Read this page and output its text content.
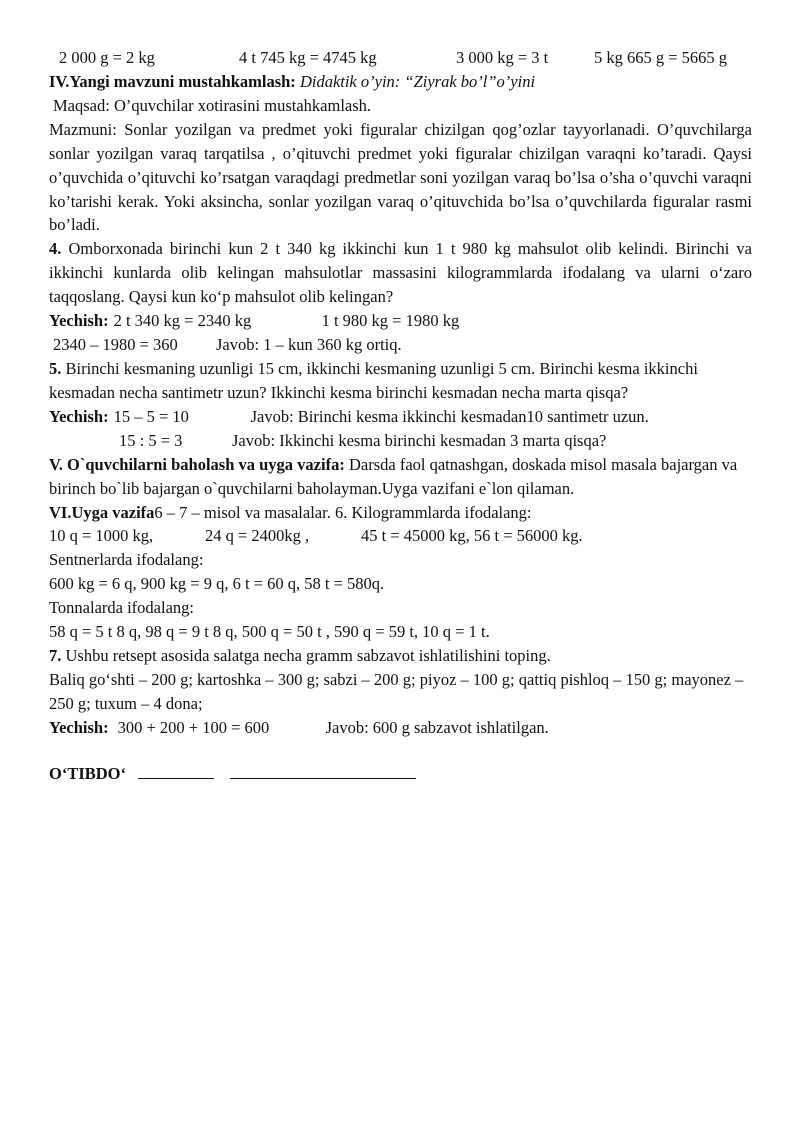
2 000 g = 2 kg	4 t 745 kg = 4745 kg	3 000 kg = 3 t	5 kg 665 g = 5665 g

IV.Yangi mavzuni mustahkamlash: Didaktik o’yin: “Ziyrak bo’l”o’yini

Maqsad: O’quvchilar xotirasini mustahkamlash.

Mazmuni: Sonlar yozilgan va predmet yoki figuralar chizilgan qog’ozlar tayyorlanadi. O’quvchilarga sonlar yozilgan varaq tarqatilsa , o’qituvchi predmet yoki figuralar chizilgan varaqni ko’taradi. Qaysi o’quvchida o’qituvchi ko’rsatgan varaqdagi predmetlar soni yozilgan varaq bo’lsa o’sha o’quvchi varaqni ko’tarishi kerak. Yoki aksincha, sonlar yozilgan varaq o’qituvchida bo’lsa o’quvchilarda figuralar rasmi bo’ladi.

4. Omborxonada birinchi kun 2 t 340 kg ikkinchi kun 1 t 980 kg mahsulot olib kelindi. Birinchi va ikkinchi kunlarda olib kelingan mahsulotlar massasini kilogrammlarda ifodalang va ularni o‘zaro taqqoslang. Qaysi kun ko‘p mahsulot olib kelingan?

Yechish: 2 t 340 kg = 2340 kg	1 t 980 kg = 1980 kg
2340 – 1980 = 360	Javob: 1 – kun 360 kg ortiq.

5. Birinchi kesmaning uzunligi 15 cm, ikkinchi kesmaning uzunligi 5 cm. Birinchi kesma ikkinchi kesmadan necha santimetr uzun? Ikkinchi kesma birinchi kesmadan necha marta qisqa?

Yechish: 15 – 5 = 10	Javob: Birinchi kesma ikkinchi kesmadan10 santimetr uzun.
15 : 5 = 3	Javob: Ikkinchi kesma birinchi kesmadan 3 marta qisqa?

V. O`quvchilarni baholash va uyga vazifa: Darsda faol qatnashgan, doskada misol masala bajargan va birinch bo`lib bajargan o`quvchilarni baholayman.Uyga vazifani e`lon qilaman.

VI.Uyga vazifa6 – 7 – misol va masalalar. 6. Kilogrammlarda ifodalang:

10 q = 1000 kg,	24 q = 2400kg ,	45 t = 45000 kg, 56 t = 56000 kg.

Sentnerlarda ifodalang:

600 kg = 6 q, 900 kg = 9 q, 6 t = 60 q, 58 t = 580q.

Tonnalarda ifodalang:

58 q = 5 t 8 q, 98 q = 9 t 8 q, 500 q = 50 t , 590 q = 59 t, 10 q = 1 t.

7. Ushbu retsept asosida salatga necha gramm sabzavot ishlatilishini toping.

Baliq go‘shti – 200 g; kartoshka – 300 g; sabzi – 200 g; piyoz – 100 g; qattiq pishloq – 150 g; mayonez – 250 g; tuxum – 4 dona;

Yechish: 300 + 200 + 100 = 600	Javob: 600 g sabzavot ishlatilgan.
O‘TIBDO‘
